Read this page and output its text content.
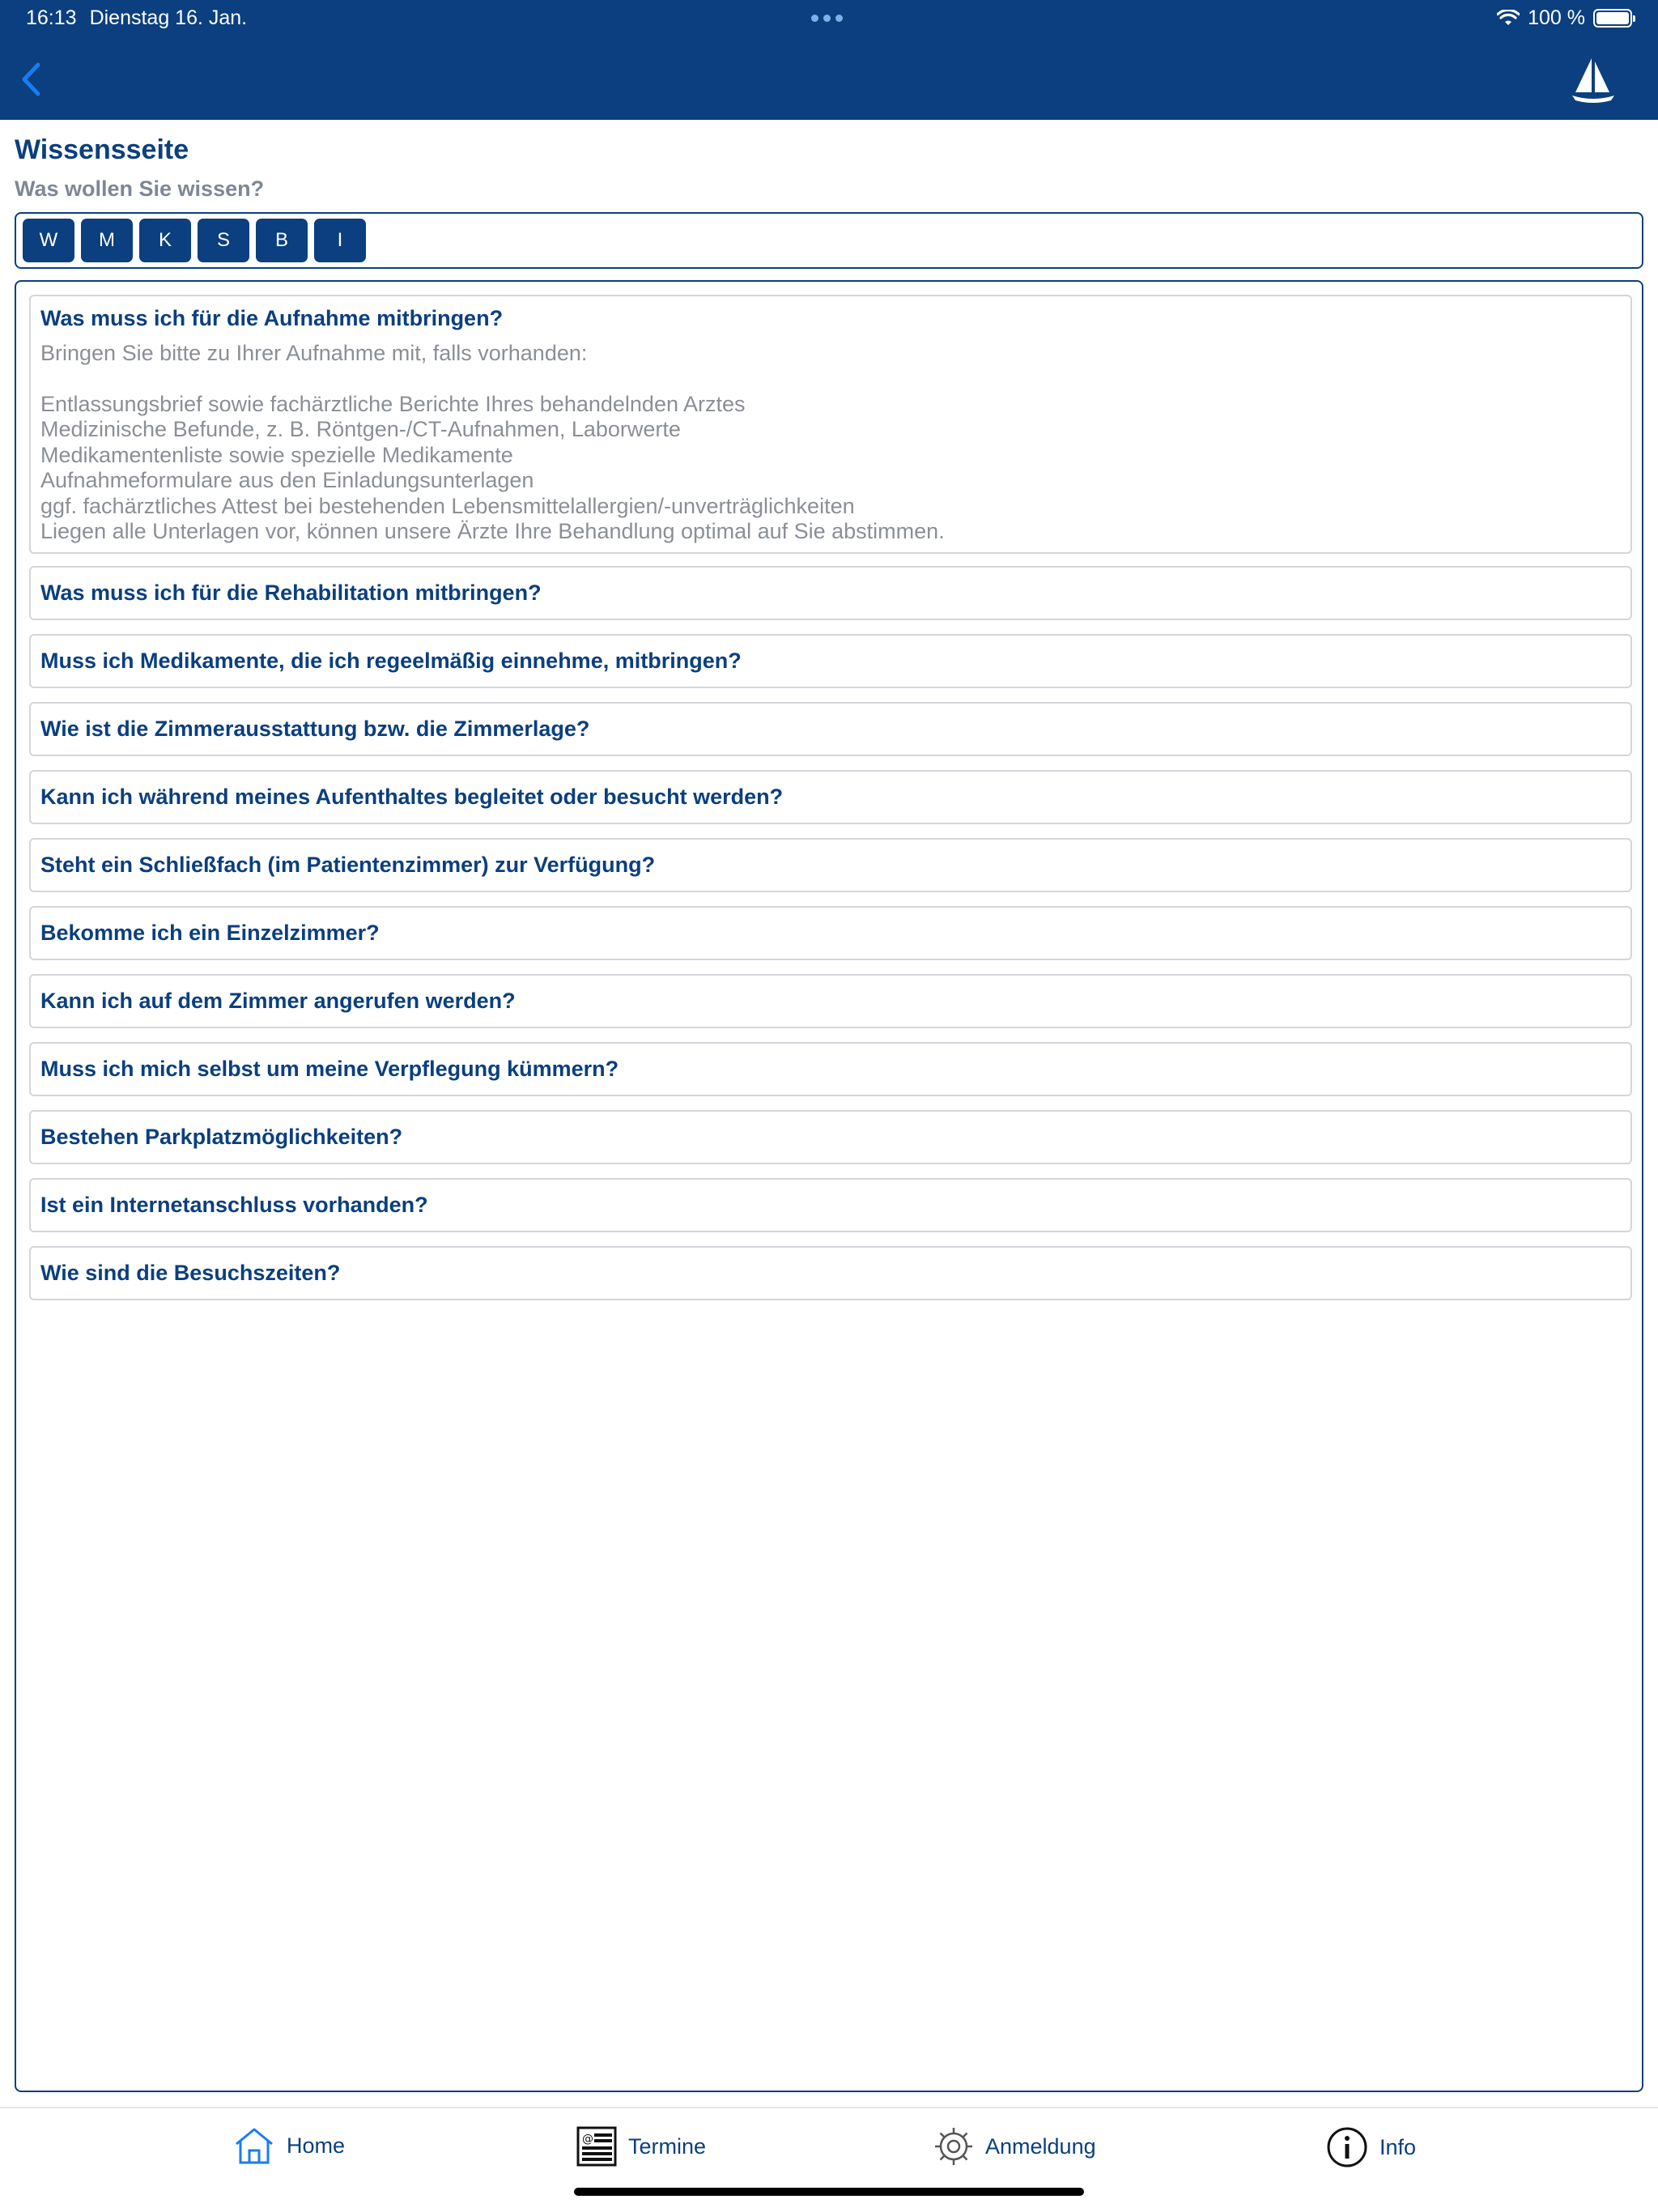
16:13 Dienstag 16. Jan.	100 %
Wissensseite
Was wollen Sie wissen?
W	M	K	S	B	I
Was muss ich für die Aufnahme mitbringen?
Bringen Sie bitte zu Ihrer Aufnahme mit, falls vorhanden:
Entlassungsbrief sowie fachärztliche Berichte Ihres behandelnden Arztes
Medizinische Befunde, z. B. Röntgen-/CT-Aufnahmen, Laborwerte
Medikamentenliste sowie spezielle Medikamente
Aufnahmeformulare aus den Einladungsunterlagen
ggf. fachärztliches Attest bei bestehenden Lebensmittelallergien/-unverträglichkeiten
Liegen alle Unterlagen vor, können unsere Ärzte Ihre Behandlung optimal auf Sie abstimmen.
Was muss ich für die Rehabilitation mitbringen?
Muss ich Medikamente, die ich regeelmäßig einnehme, mitbringen?
Wie ist die Zimmerausstattung bzw. die Zimmerlage?
Kann ich während meines Aufenthaltes begleitet oder besucht werden?
Steht ein Schließfach (im Patientenzimmer) zur Verfügung?
Bekomme ich ein Einzelzimmer?
Kann ich auf dem Zimmer angerufen werden?
Muss ich mich selbst um meine Verpflegung kümmern?
Bestehen Parkplatzmöglichkeiten?
Ist ein Internetanschluss vorhanden?
Wie sind die Besuchszeiten?
Home	@ Termine	Anmeldung	Info
